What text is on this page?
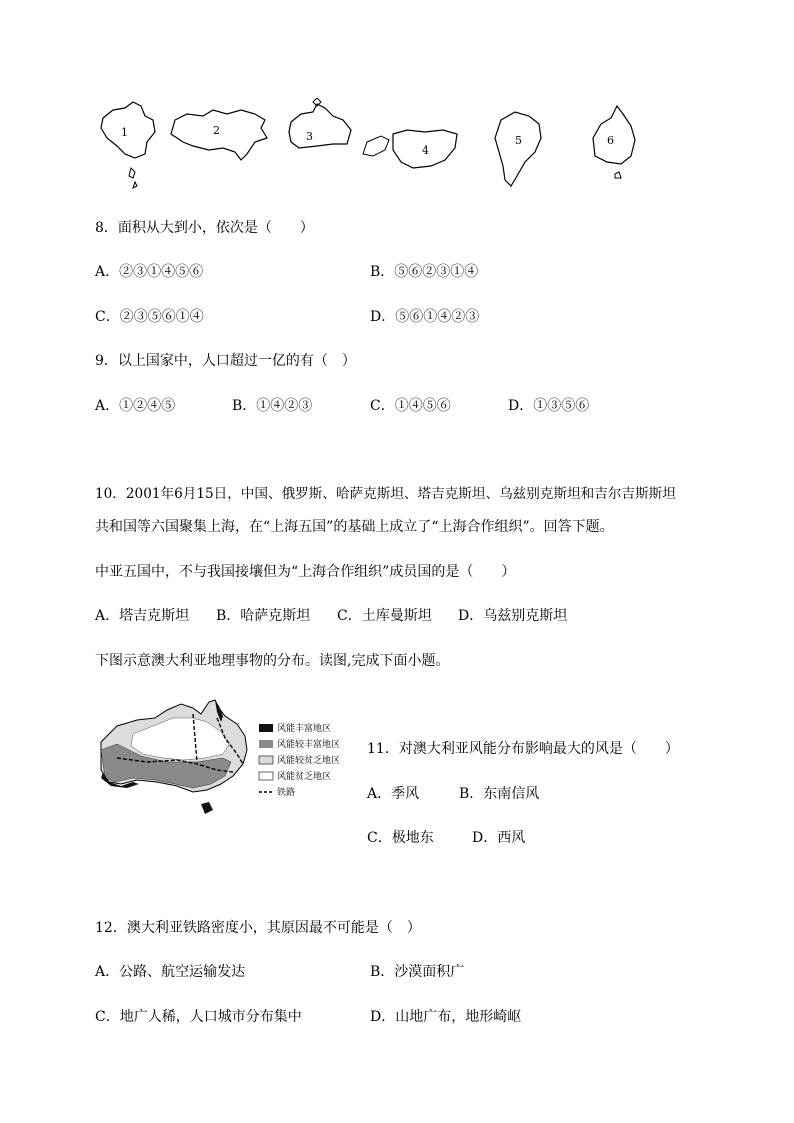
1	2	3
4
5	6
8．面积从大到小，依次是（　　）
A．②③①④⑤⑥	B．⑤⑥②③①④
C．②③⑤⑥①④	D．⑤⑥①④②③
9．以上国家中，人口超过一亿的有（　）
A．①②④⑤	B．①④②③	C．①④⑤⑥	D．①③⑤⑥
10．2001年6月15日，中国、俄罗斯、哈萨克斯坦、塔吉克斯坦、乌兹别克斯坦和吉尔吉斯斯坦
共和国等六国聚集上海，在“上海五国”的基础上成立了“上海合作组织”。回答下题。
中亚五国中，不与我国接壤但为“上海合作组织”成员国的是（　　）
A．塔吉克斯坦 B．哈萨克斯坦 C．土库曼斯坦 D．乌兹别克斯坦
下图示意澳大利亚地理事物的分布。读图,完成下面小题。
风能丰富地区
风能较丰富地区
风能较贫乏地区
风能贫乏地区
铁路
11．对澳大利亚风能分布影响最大的风是（　　）
A．季风	B．东南信风
C．极地东	D．西风
12．澳大利亚铁路密度小，其原因最不可能是（　）
A．公路、航空运输发达	B．沙漠面积广
C．地广人稀，人口城市分布集中	D．山地广布，地形崎岖
